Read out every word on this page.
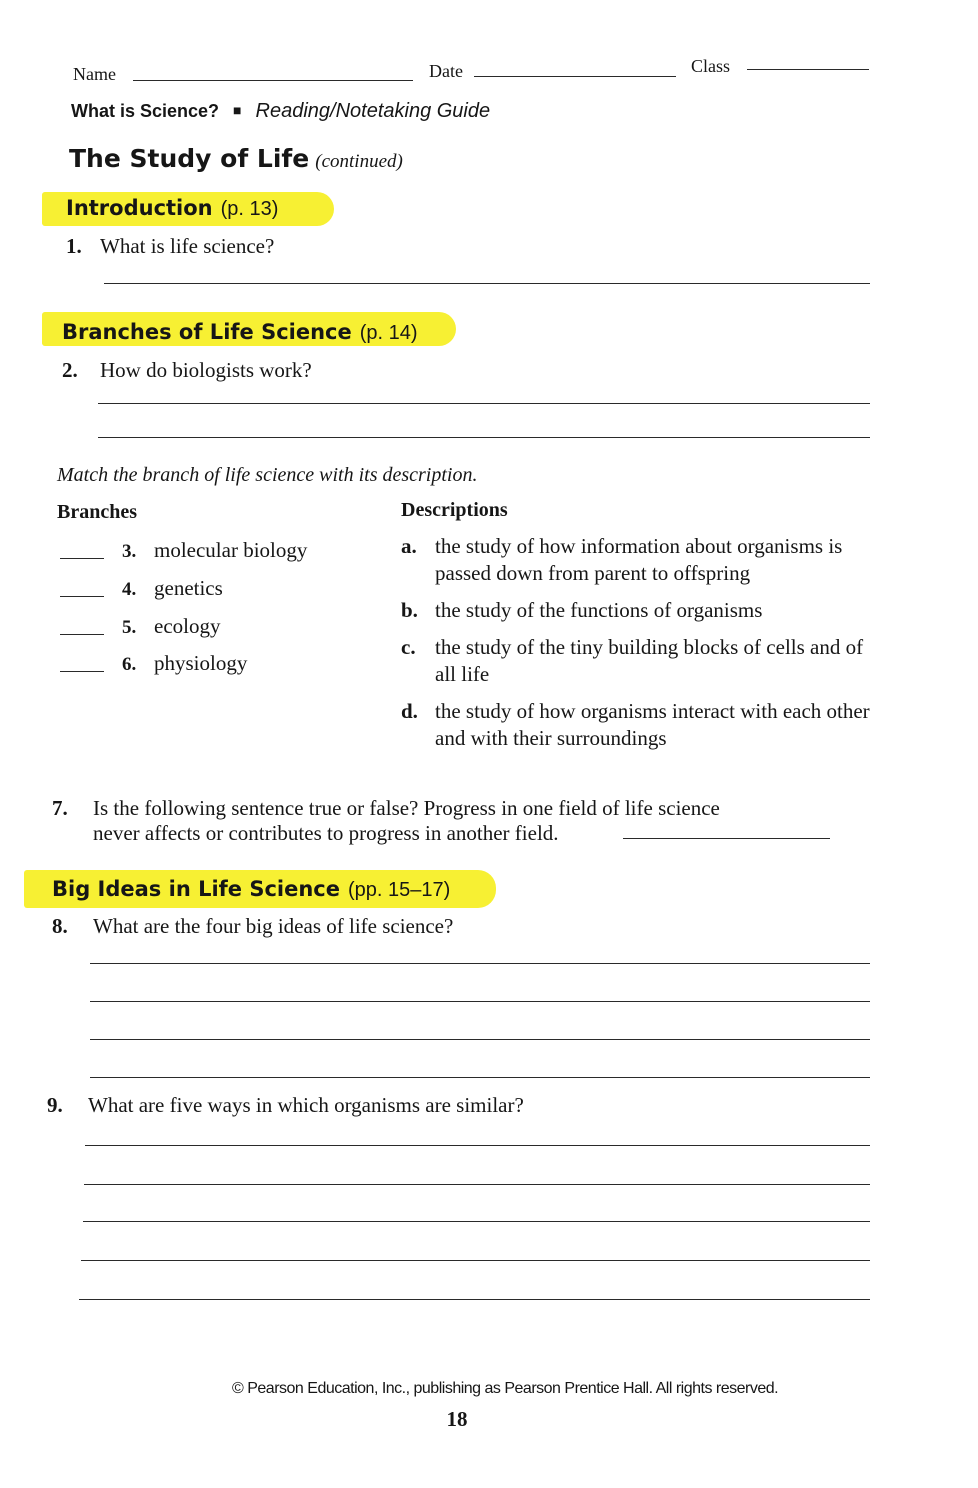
Name	Date	Class
What is Science? ■ Reading/Notetaking Guide
The Study of Life (continued)
Introduction (p. 13)
1. What is life science?
Branches of Life Science (p. 14)
2. How do biologists work?
Match the branch of life science with its description.
Branches	Descriptions
3. molecular biology
4. genetics
5. ecology
6. physiology
a. the study of how information about organisms is passed down from parent to offspring
b. the study of the functions of organisms
c. the study of the tiny building blocks of cells and of all life
d. the study of how organisms interact with each other and with their surroundings
7. Is the following sentence true or false? Progress in one field of life science
never affects or contributes to progress in another field.
Big Ideas in Life Science (pp. 15–17)
8. What are the four big ideas of life science?
9. What are five ways in which organisms are similar?
© Pearson Education, Inc., publishing as Pearson Prentice Hall. All rights reserved.
18
